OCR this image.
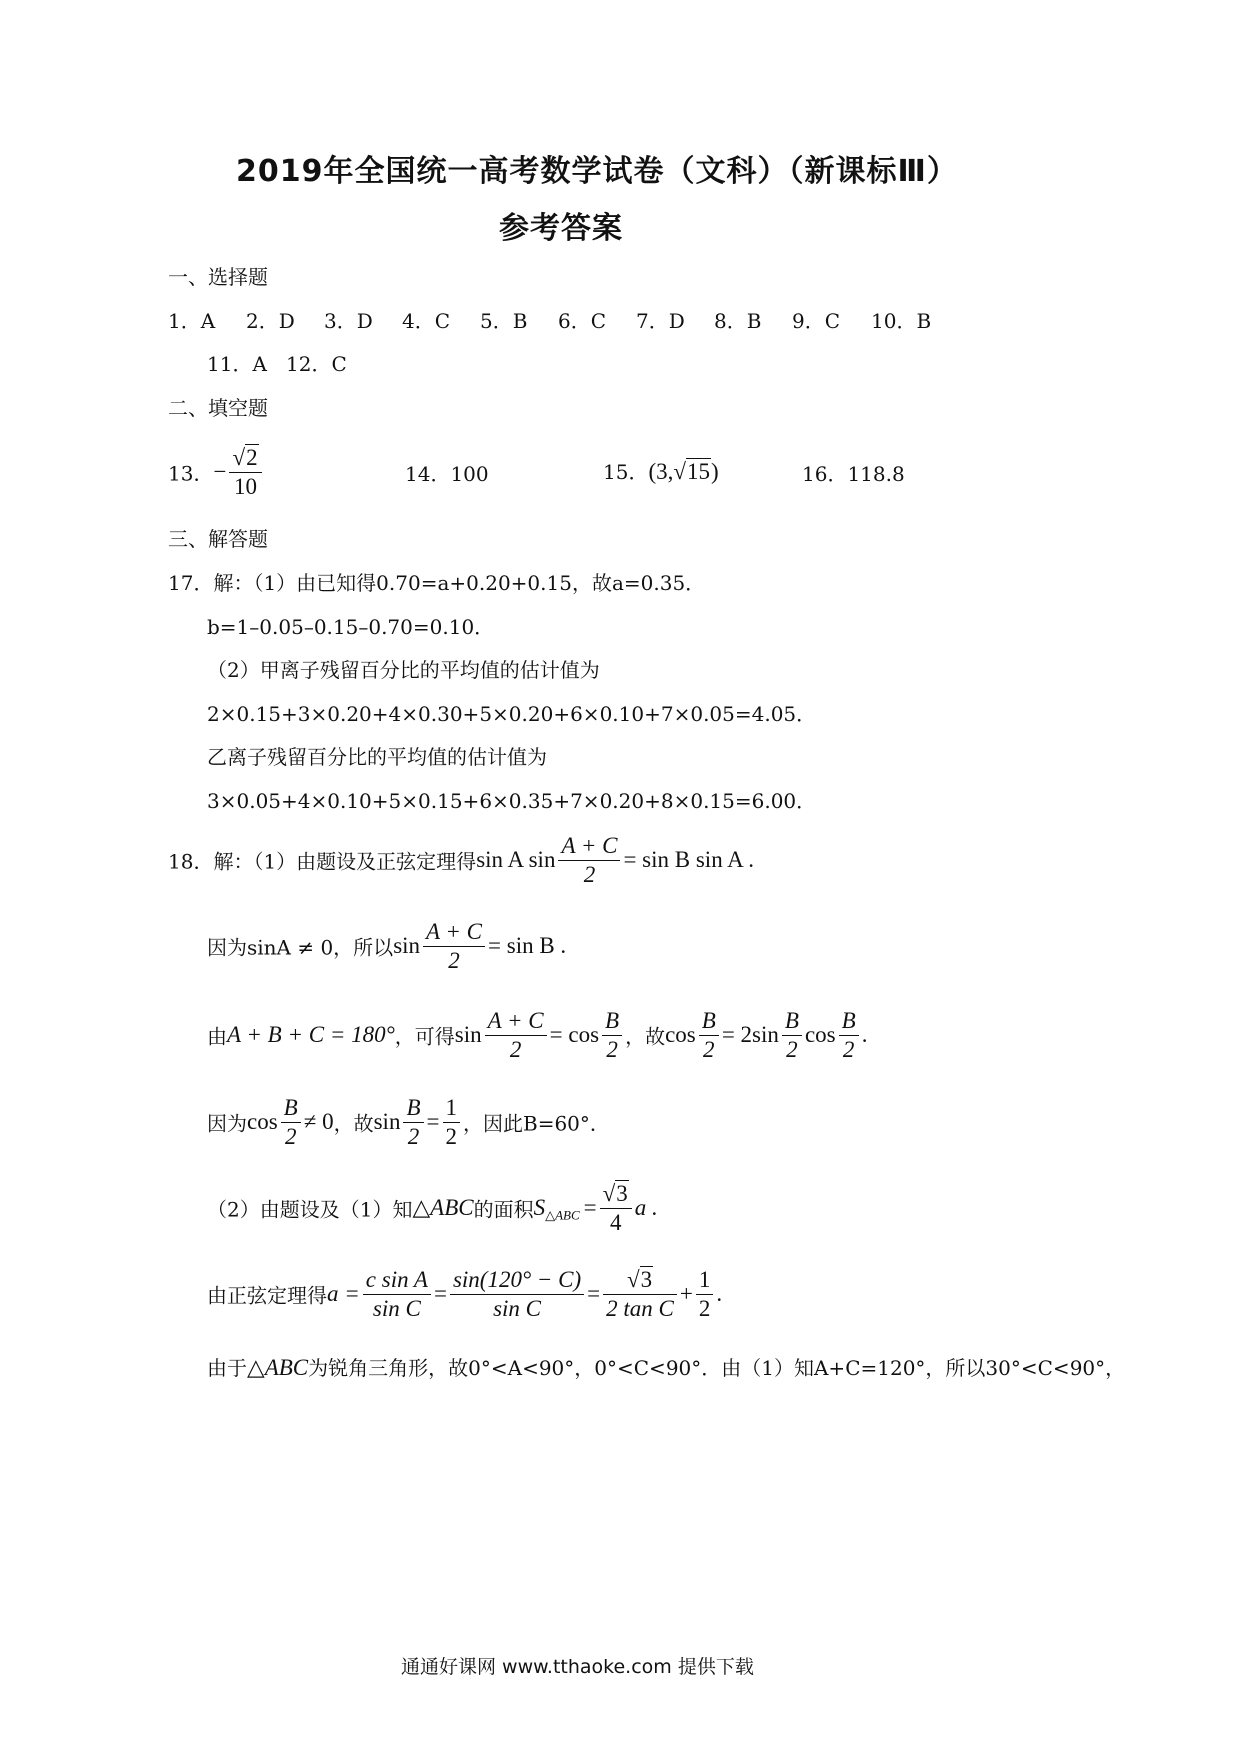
2019年全国统一高考数学试卷（文科）（新课标Ⅲ）
参考答案
一、选择题
1．A 2．D 3．D 4．C 5．B 6．C 7．D 8．B 9．C 10．B
11．A 12．C
二、填空题
13．− $\frac{√2}{10}$	14．100	15．(3,√15)	16．118.8
三、解答题
17．解：（1）由已知得0.70=a+0.20+0.15，故a=0.35．
b=1–0.05–0.15–0.70=0.10．
（2）甲离子残留百分比的平均值的估计值为
2×0.15+3×0.20+4×0.30+5×0.20+6×0.10+7×0.05=4.05．
乙离子残留百分比的平均值的估计值为
3×0.05+4×0.10+5×0.15+6×0.35+7×0.20+8×0.15=6.00．
18．解：（1）由题设及正弦定理得sin A $\sin \frac{A + C}{2} = \sin B$ sin A .
因为sinA ≠ 0，所以$\sin \frac{A + C}{2} = \sin B$ .
由A + B + C = 180°，可得$\sin \frac{A + C}{2} = \cos \frac{B}{2}$ ，故$\cos \frac{B}{2} = 2\sin \frac{B}{2}$ $\cos \frac{B}{2}$ .
因为$\cos \frac{B}{2} \ne 0$，故$\sin \frac{B}{2} = \frac{1}{2}$ ，因此B=60°．
（2）由题设及（1）知△ABC的面积$S_{\triangle ABC} = \frac{√3}{4}$ a .
由正弦定理得$a = \frac{\text{c sin A}}{\text{sin C}} = \frac{\sin(120^\circ - C)}{\text{sin C}} = \frac{√3}{\text{2 tan C}} + \frac{1}{2}$ .
由于△ABC为锐角三角形，故0°<A<90°，0°<C<90°．由（1）知A+C=120°，所以30°<C<90°，
通通好课网 www.tthaoke.com 提供下载
